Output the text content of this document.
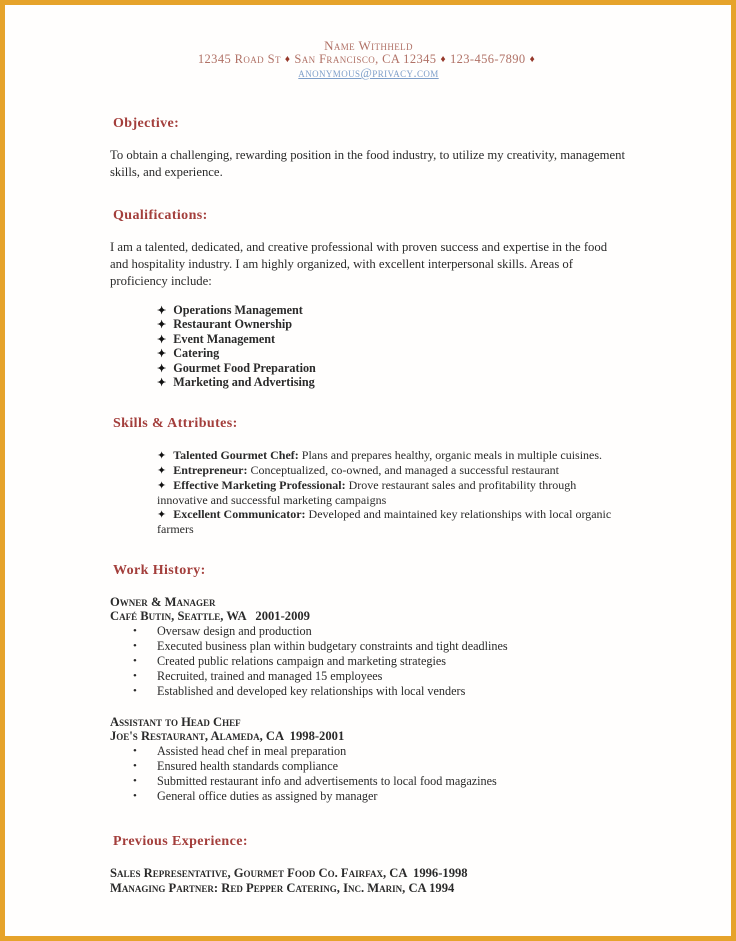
Name Withheld
12345 Road St ♦ San Francisco, CA 12345 ♦ 123-456-7890 ♦
anonymous@privacy.com
Objective:

To obtain a challenging, rewarding position in the food industry, to utilize my creativity, management skills, and experience.

Qualifications:

I am a talented, dedicated, and creative professional with proven success and expertise in the food and hospitality industry. I am highly organized, with excellent interpersonal skills. Areas of proficiency include:

✦ Operations Management
✦ Restaurant Ownership
✦ Event Management
✦ Catering
✦ Gourmet Food Preparation
✦ Marketing and Advertising
Skills & Attributes:
✦ Talented Gourmet Chef: Plans and prepares healthy, organic meals in multiple cuisines.
✦ Entrepreneur: Conceptualized, co-owned, and managed a successful restaurant
✦ Effective Marketing Professional: Drove restaurant sales and profitability through innovative and successful marketing campaigns
✦ Excellent Communicator: Developed and maintained key relationships with local organic farmers
Work History:
Owner & Manager
Café Butin, Seattle, WA   2001-2009
•	Oversaw design and production
•	Executed business plan within budgetary constraints and tight deadlines
•	Created public relations campaign and marketing strategies
•	Recruited, trained and managed 15 employees
•	Established and developed key relationships with local venders
Assistant to Head Chef
Joe's Restaurant, Alameda, CA  1998-2001
•	Assisted head chef in meal preparation
•	Ensured health standards compliance
•	Submitted restaurant info and advertisements to local food magazines
•	General office duties as assigned by manager
Previous Experience:
Sales Representative, Gourmet Food Co. Fairfax, CA  1996-1998
Managing Partner: Red Pepper Catering, Inc. Marin, CA 1994
